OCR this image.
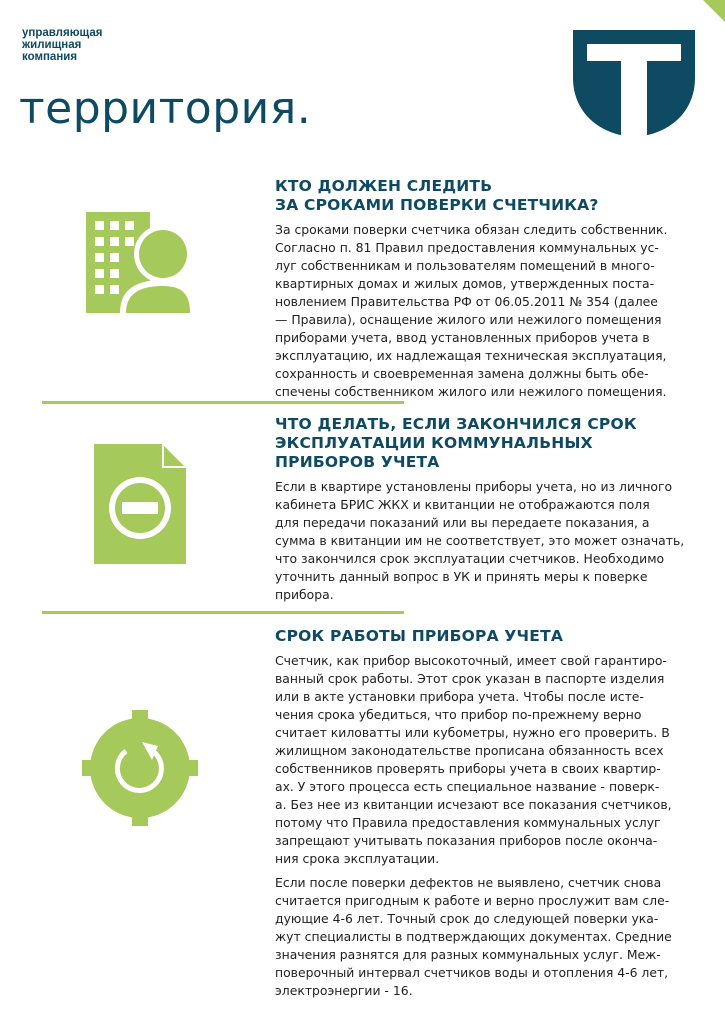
управляющая
жилищная
компания
территория.
КТО ДОЛЖЕН СЛЕДИТЬ
ЗА СРОКАМИ ПОВЕРКИ СЧЕТЧИКА?

За сроками поверки счетчика обязан следить собственник.
Согласно п. 81 Правил предоставления коммунальных ус-
луг собственникам и пользователям помещений в много-
квартирных домах и жилых домов, утвержденных поста-
новлением Правительства РФ от 06.05.2011 № 354 (далее
— Правила), оснащение жилого или нежилого помещения
приборами учета, ввод установленных приборов учета в
эксплуатацию, их надлежащая техническая эксплуатация,
сохранность и своевременная замена должны быть обе-
спечены собственником жилого или нежилого помещения.

ЧТО ДЕЛАТЬ, ЕСЛИ ЗАКОНЧИЛСЯ СРОК
ЭКСПЛУАТАЦИИ КОММУНАЛЬНЫХ
ПРИБОРОВ УЧЕТА

Если в квартире установлены приборы учета, но из личного
кабинета БРИС ЖКХ и квитанции не отображаются поля
для передачи показаний или вы передаете показания, а
сумма в квитанции им не соответствует, это может означать,
что закончился срок эксплуатации счетчиков. Необходимо
уточнить данный вопрос в УК и принять меры к поверке
прибора.

СРОК РАБОТЫ ПРИБОРА УЧЕТА

Счетчик, как прибор высокоточный, имеет свой гарантиро-
ванный срок работы. Этот срок указан в паспорте изделия
или в акте установки прибора учета. Чтобы после исте-
чения срока убедиться, что прибор по-прежнему верно
считает киловатты или кубометры, нужно его проверить. В
жилищном законодательстве прописана обязанность всех
собственников проверять приборы учета в своих квартир-
ах. У этого процесса есть специальное название - поверк-
а. Без нее из квитанции исчезают все показания счетчиков,
потому что Правила предоставления коммунальных услуг
запрещают учитывать показания приборов после оконча-
ния срока эксплуатации.

Если после поверки дефектов не выявлено, счетчик снова
считается пригодным к работе и верно прослужит вам сле-
дующие 4-6 лет. Точный срок до следующей поверки ука-
жут специалисты в подтверждающих документах. Средние
значения разнятся для разных коммунальных услуг. Меж-
поверочный интервал счетчиков воды и отопления 4-6 лет,
электроэнергии - 16.
